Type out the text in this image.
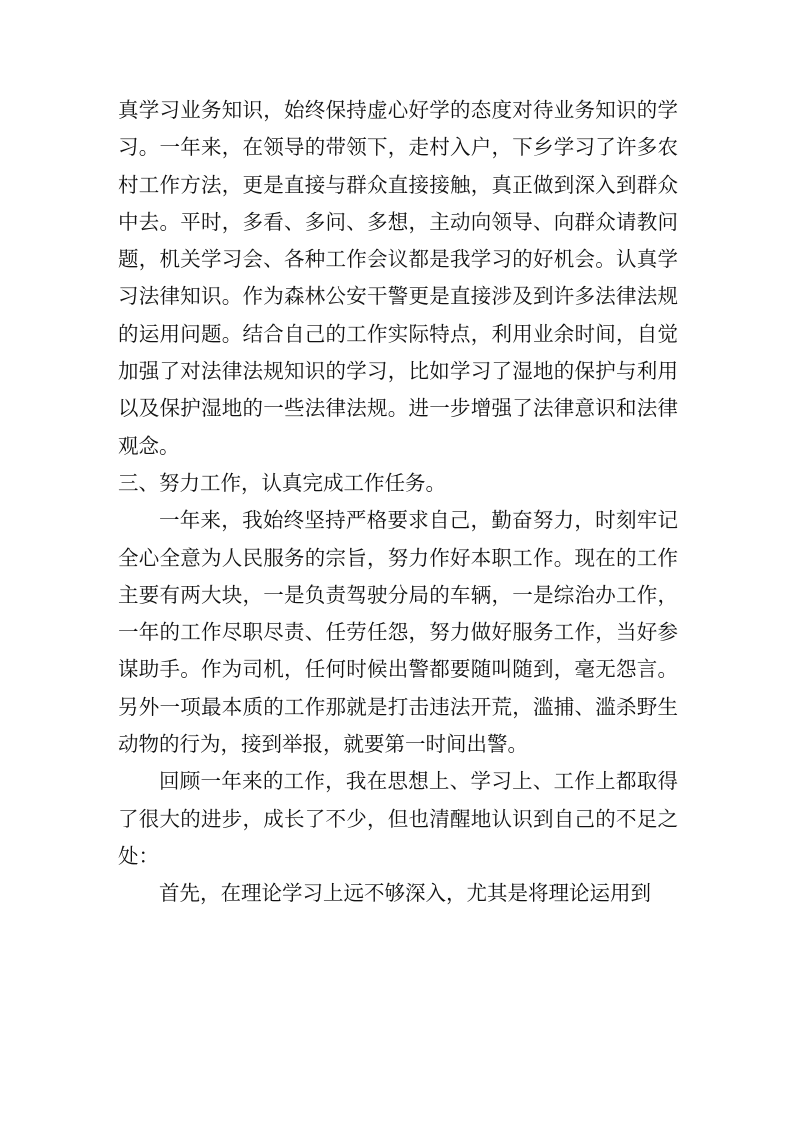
真学习业务知识，始终保持虚心好学的态度对待业务知识的学习。一年来，在领导的带领下，走村入户，下乡学习了许多农村工作方法，更是直接与群众直接接触，真正做到深入到群众中去。平时，多看、多问、多想，主动向领导、向群众请教问题，机关学习会、各种工作会议都是我学习的好机会。认真学习法律知识。作为森林公安干警更是直接涉及到许多法律法规的运用问题。结合自己的工作实际特点，利用业余时间，自觉加强了对法律法规知识的学习，比如学习了湿地的保护与利用以及保护湿地的一些法律法规。进一步增强了法律意识和法律观念。

三、努力工作，认真完成工作任务。

一年来，我始终坚持严格要求自己，勤奋努力，时刻牢记全心全意为人民服务的宗旨，努力作好本职工作。现在的工作主要有两大块，一是负责驾驶分局的车辆，一是综治办工作，一年的工作尽职尽责、任劳任怨，努力做好服务工作，当好参谋助手。作为司机，任何时候出警都要随叫随到，毫无怨言。另外一项最本质的工作那就是打击违法开荒，滥捕、滥杀野生动物的行为，接到举报，就要第一时间出警。

回顾一年来的工作，我在思想上、学习上、工作上都取得了很大的进步，成长了不少，但也清醒地认识到自己的不足之处：

首先，在理论学习上远不够深入，尤其是将理论运用到
